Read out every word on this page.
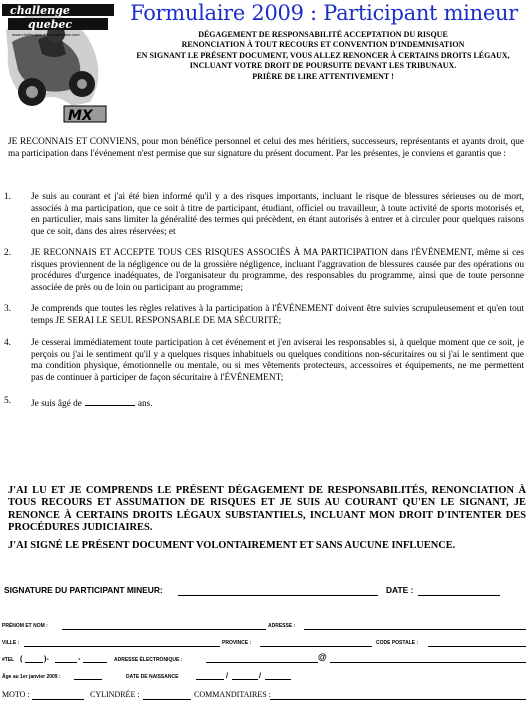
challenge
quebec
www.challengequebecmotocross.com
MX
Formulaire 2009 : Participant mineur
DÉGAGEMENT DE RESPONSABILITÉ ACCEPTATION DU RISQUE
RENONCIATION À TOUT RECOURS ET CONVENTION D'INDEMNISATION
EN SIGNANT LE PRÉSENT DOCUMENT, VOUS ALLEZ RENONCER À CERTAINS DROITS LÉGAUX,
INCLUANT VOTRE DROIT DE POURSUITE DEVANT LES TRIBUNAUX.
PRIÈRE DE LIRE ATTENTIVEMENT !
JE RECONNAIS ET CONVIENS, pour mon bénéfice personnel et celui des mes héritiers, successeurs, représentants et ayants droit, que ma participation dans l'événement n'est permise que sur signature du présent document. Par les présentes, je conviens et garantis que :
1. Je suis au courant et j'ai été bien informé qu'il y a des risques importants, incluant le risque de blessures sérieuses ou de mort, associés à ma participation, que ce soit à titre de participant, étudiant, officiel ou travailleur, à toute activité de sports motorisés et, en particulier, mais sans limiter la généralité des termes qui précèdent, en étant autorisés à entrer et à circuler pour quelques raisons que ce soit, dans des aires réservées; et
2. JE RECONNAIS ET ACCEPTE TOUS CES RISQUES ASSOCIÉS À MA PARTICIPATION dans l'ÉVÉNEMENT, même si ces risques proviennent de la négligence ou de la grossière négligence, incluant l'aggravation de blessures causée par des opérations ou procédures d'urgence inadéquates, de l'organisateur du programme, des responsables du programme, ainsi que de toute personne associée de près ou de loin ou participant au programme;
3. Je comprends que toutes les règles relatives à la participation à l'ÉVÉNEMENT doivent être suivies scrupuleusement et qu'en tout temps JE SERAI LE SEUL RESPONSABLE DE MA SÉCURITÉ;
4. Je cesserai immédiatement toute participation à cet événement et j'en aviserai les responsables si, à quelque moment que ce soit, je perçois ou j'ai le sentiment qu'il y a quelques risques inhabituels ou quelques conditions non-sécuritaires ou si j'ai le sentiment que ma condition physique, émotionnelle ou mentale, ou si mes vêtements protecteurs, accessoires et équipements, ne me permettent pas de continuer à participer de façon sécuritaire à l'ÉVÉNEMENT;
5. Je suis âgé de	ans.
J'AI LU ET JE COMPRENDS LE PRÉSENT DÉGAGEMENT DE RESPONSABILITÉS, RENONCIATION À TOUS RECOURS ET ASSUMATION DE RISQUES ET JE SUIS AU COURANT QU'EN LE SIGNANT, JE RENONCE À CERTAINS DROITS LÉGAUX SUBSTANTIELS, INCLUANT MON DROIT D'INTENTER DES PROCÉDURES JUDICIAIRES.
J'AI SIGNÉ LE PRÉSENT DOCUMENT VOLONTAIREMENT ET SANS AUCUNE INFLUENCE.
SIGNATURE DU PARTICIPANT MINEUR:	DATE :
PRÉNOM ET NOM :	ADRESSE :
VILLE :	PROVINCE :	CODE POSTALE :
#TEL (	)-	-	ADRESSE ÉLECTRONIQUE :	@
Âge au 1er janvier 2009 :	DATE DE NAISSANCE	/	/
MOTO :	CYLINDRÉE :	COMMANDITAIRES :
